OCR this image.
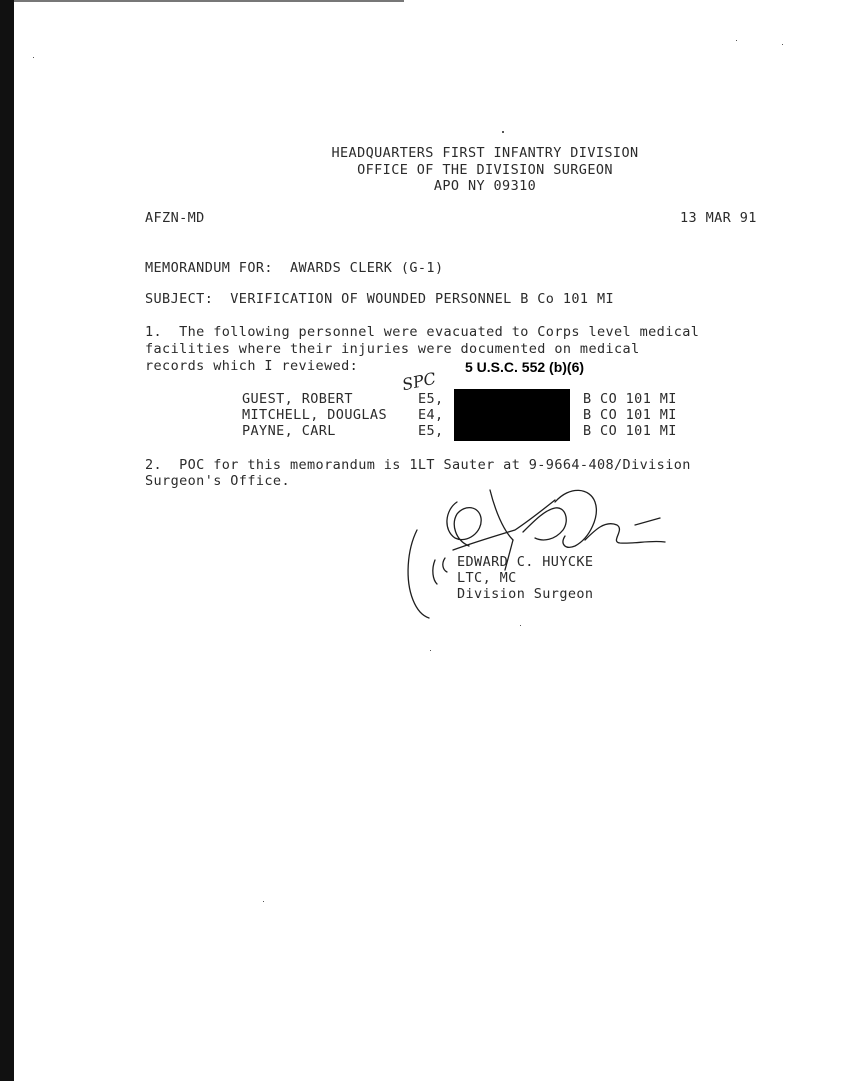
HEADQUARTERS FIRST INFANTRY DIVISION
OFFICE OF THE DIVISION SURGEON
APO NY 09310
AFZN-MD	13 MAR 91
MEMORANDUM FOR:  AWARDS CLERK (G-1)
SUBJECT:  VERIFICATION OF WOUNDED PERSONNEL B Co 101 MI
1.  The following personnel were evacuated to Corps level medical
facilities where their injuries were documented on medical
records which I reviewed:
SPC
5 U.S.C. 552 (b)(6)
GUEST, ROBERT	E5,	B CO 101 MI
MITCHELL, DOUGLAS E4,	B CO 101 MI
PAYNE, CARL	E5,	B CO 101 MI
2.  POC for this memorandum is 1LT Sauter at 9-9664-408/Division
Surgeon's Office.
EDWARD C. HUYCKE
LTC, MC
Division Surgeon
